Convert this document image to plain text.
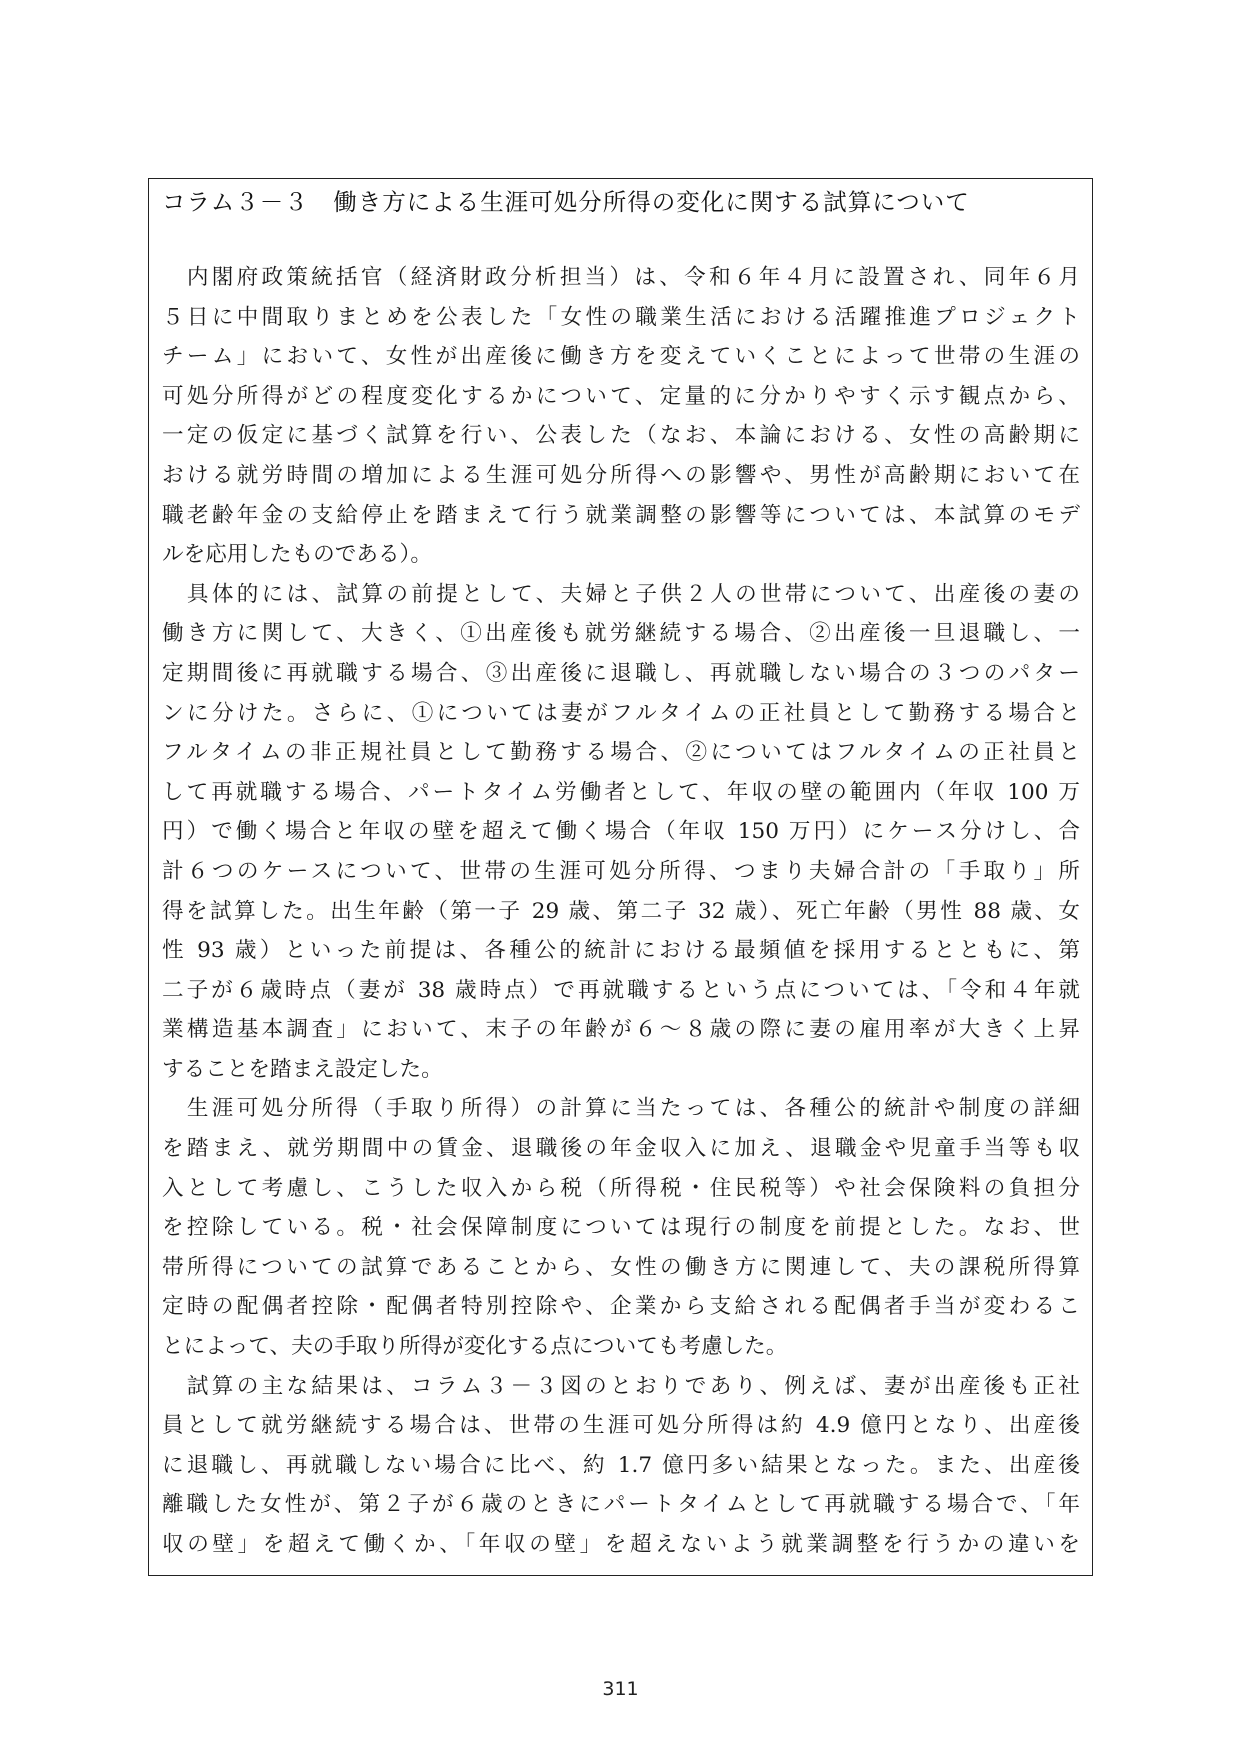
コラム３－３　働き方による生涯可処分所得の変化に関する試算について

　内閣府政策統括官（経済財政分析担当）は、令和６年４月に設置され、同年６月
５日に中間取りまとめを公表した「女性の職業生活における活躍推進プロジェクト
チーム」において、女性が出産後に働き方を変えていくことによって世帯の生涯の
可処分所得がどの程度変化するかについて、定量的に分かりやすく示す観点から、
一定の仮定に基づく試算を行い、公表した（なお、本論における、女性の高齢期に
おける就労時間の増加による生涯可処分所得への影響や、男性が高齢期において在
職老齢年金の支給停止を踏まえて行う就業調整の影響等については、本試算のモデ
ルを応用したものである）。

　具体的には、試算の前提として、夫婦と子供２人の世帯について、出産後の妻の
働き方に関して、大きく、①出産後も就労継続する場合、②出産後一旦退職し、一
定期間後に再就職する場合、③出産後に退職し、再就職しない場合の３つのパター
ンに分けた。さらに、①については妻がフルタイムの正社員として勤務する場合と
フルタイムの非正規社員として勤務する場合、②についてはフルタイムの正社員と
して再就職する場合、パートタイム労働者として、年収の壁の範囲内（年収 100 万
円）で働く場合と年収の壁を超えて働く場合（年収 150 万円）にケース分けし、合
計６つのケースについて、世帯の生涯可処分所得、つまり夫婦合計の「手取り」所
得を試算した。出生年齢（第一子 29 歳、第二子 32 歳）、死亡年齢（男性 88 歳、女
性 93 歳）といった前提は、各種公的統計における最頻値を採用するとともに、第
二子が６歳時点（妻が 38 歳時点）で再就職するという点については、「令和４年就
業構造基本調査」において、末子の年齢が６～８歳の際に妻の雇用率が大きく上昇
することを踏まえ設定した。

　生涯可処分所得（手取り所得）の計算に当たっては、各種公的統計や制度の詳細
を踏まえ、就労期間中の賃金、退職後の年金収入に加え、退職金や児童手当等も収
入として考慮し、こうした収入から税（所得税・住民税等）や社会保険料の負担分
を控除している。税・社会保障制度については現行の制度を前提とした。なお、世
帯所得についての試算であることから、女性の働き方に関連して、夫の課税所得算
定時の配偶者控除・配偶者特別控除や、企業から支給される配偶者手当が変わるこ
とによって、夫の手取り所得が変化する点についても考慮した。

　試算の主な結果は、コラム３－３図のとおりであり、例えば、妻が出産後も正社
員として就労継続する場合は、世帯の生涯可処分所得は約 4.9 億円となり、出産後
に退職し、再就職しない場合に比べ、約 1.7 億円多い結果となった。また、出産後
離職した女性が、第２子が６歳のときにパートタイムとして再就職する場合で、「年
収の壁」を超えて働くか、「年収の壁」を超えないよう就業調整を行うかの違いを

311
